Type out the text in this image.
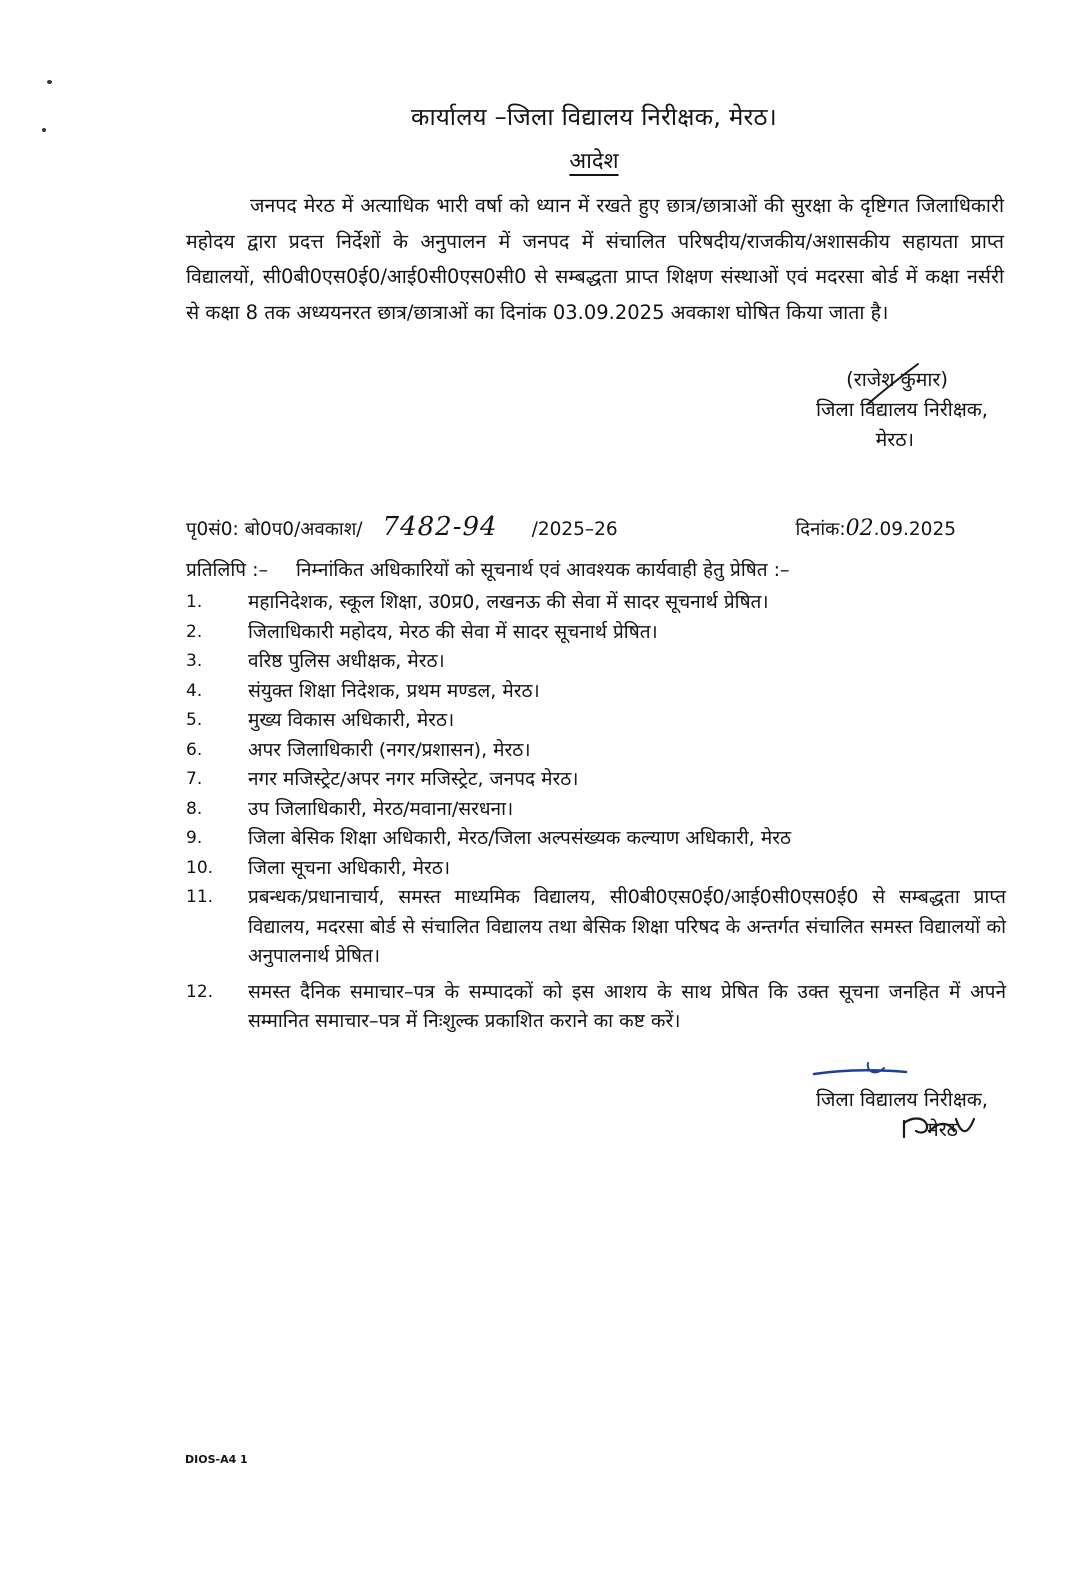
कार्यालय –जिला विद्यालय निरीक्षक, मेरठ।
आदेश

जनपद मेरठ में अत्याधिक भारी वर्षा को ध्यान में रखते हुए छात्र/छात्राओं की सुरक्षा के दृष्टिगत जिलाधिकारी महोदय द्वारा प्रदत्त निर्देशों के अनुपालन में जनपद में संचालित परिषदीय/राजकीय/अशासकीय सहायता प्राप्त विद्यालयों, सी0बी0एस0ई0/आई0सी0एस0सी0 से सम्बद्धता प्राप्त शिक्षण संस्थाओं एवं मदरसा बोर्ड में कक्षा नर्सरी से कक्षा 8 तक अध्ययनरत छात्र/छात्राओं का दिनांक 03.09.2025 अवकाश घोषित किया जाता है।

(राजेश कुमार)
जिला विद्यालय निरीक्षक,
मेरठ।
पृ0सं0: बो0प0/अवकाश/ 7482-94 /2025–26	दिनांक:02.09.2025
प्रतिलिपि :– निम्नांकित अधिकारियों को सूचनार्थ एवं आवश्यक कार्यवाही हेतु प्रेषित :–
1.	महानिदेशक, स्कूल शिक्षा, उ0प्र0, लखनऊ की सेवा में सादर सूचनार्थ प्रेषित।
2.	जिलाधिकारी महोदय, मेरठ की सेवा में सादर सूचनार्थ प्रेषित।
3.	वरिष्ठ पुलिस अधीक्षक, मेरठ।
4.	संयुक्त शिक्षा निदेशक, प्रथम मण्डल, मेरठ।
5.	मुख्य विकास अधिकारी, मेरठ।
6.	अपर जिलाधिकारी (नगर/प्रशासन), मेरठ।
7.	नगर मजिस्ट्रेट/अपर नगर मजिस्ट्रेट, जनपद मेरठ।
8.	उप जिलाधिकारी, मेरठ/मवाना/सरधना।
9.	जिला बेसिक शिक्षा अधिकारी, मेरठ/जिला अल्पसंख्यक कल्याण अधिकारी, मेरठ
10.	जिला सूचना अधिकारी, मेरठ।
11.	प्रबन्धक/प्रधानाचार्य, समस्त माध्यमिक विद्यालय, सी0बी0एस0ई0/आई0सी0एस0ई0 से सम्बद्धता प्राप्त विद्यालय, मदरसा बोर्ड से संचालित विद्यालय तथा बेसिक शिक्षा परिषद के अन्तर्गत संचालित समस्त विद्यालयों को अनुपालनार्थ प्रेषित।
12.	समस्त दैनिक समाचार–पत्र के सम्पादकों को इस आशय के साथ प्रेषित कि उक्त सूचना जनहित में अपने सम्मानित समाचार–पत्र में निःशुल्क प्रकाशित कराने का कष्ट करें।
जिला विद्यालय निरीक्षक,
मेरठ
DIOS-A4 1
